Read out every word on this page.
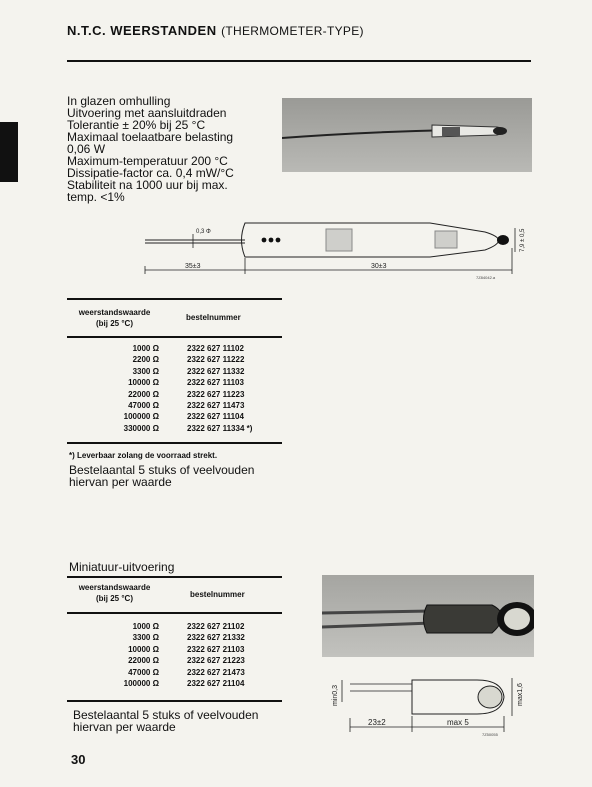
N.T.C. WEERSTANDEN (THERMOMETER-TYPE)

In glazen omhulling

Uitvoering met aansluitdraden

Tolerantie ± 20% bij 25 °C

Maximaal toelaatbare belasting

0,06 W

Maximum-temperatuur 200 °C

Dissipatie-factor ca. 0,4 mW/°C

Stabiliteit na 1000 uur bij max.

temp. <1%

0,3 Φ
35±3	30±3
7,9 ± 0,5
7Z84042.a
weerstandswaarde
(bij 25 °C)
bestelnummer
1000 Ω	2322 627 11102
2200 Ω	2322 627 11222
3300 Ω	2322 627 11332
10000 Ω	2322 627 11103
22000 Ω	2322 627 11223
47000 Ω	2322 627 11473
100000 Ω	2322 627 11104
330000 Ω	2322 627 11334 *)
*) Leverbaar zolang de voorraad strekt.
Bestelaantal 5 stuks of veelvouden
hiervan per waarde
Miniatuur-uitvoering
weerstandswaarde
(bij 25 °C)	bestelnummer
1000 Ω	2322 627 21102
3300 Ω	2322 627 21332
10000 Ω	2322 627 21103
22000 Ω	2322 627 21223
47000 Ω	2322 627 21473
100000 Ω	2322 627 21104
Bestelaantal 5 stuks of veelvouden
hiervan per waarde
min0,3	max1,6
23±2	max 5
7Z50055
30
